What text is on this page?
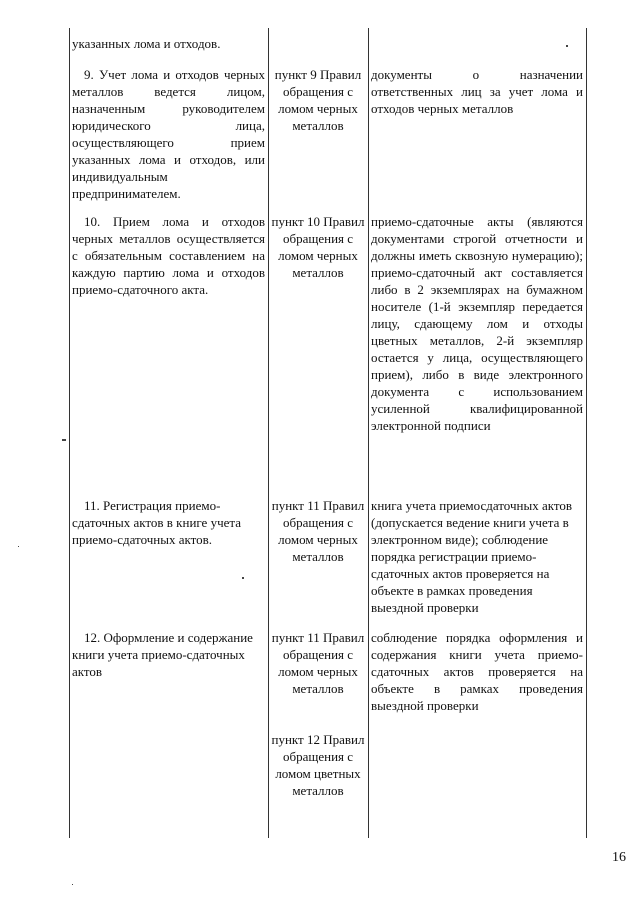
указанных лома и отходов.
9. Учет лома и отходов черных металлов ведется лицом, назначенным руководителем юридического лица, осуществляющего прием указанных лома и отходов, или индивидуальным предпринимателем.
пункт 9 Правил обращения с ломом черных металлов
документы о назначении ответственных лиц за учет лома и отходов черных металлов
10. Прием лома и отходов черных металлов осуществляется с обязательным составлением на каждую партию лома и отходов приемо-сдаточного акта.
пункт 10 Правил обращения с ломом черных металлов
приемо-сдаточные акты (являются документами строгой отчетности и должны иметь сквозную нумерацию); приемо-сдаточный акт составляется либо в 2 экземплярах на бумажном носителе (1-й экземпляр передается лицу, сдающему лом и отходы цветных металлов, 2-й экземпляр остается у лица, осуществляющего прием), либо в виде электронного документа с использованием усиленной квалифицированной электронной подписи
11. Регистрация приемо-сдаточных актов в книге учета приемо-сдаточных актов.
пункт 11 Правил обращения с ломом черных металлов
книга учета приемосдаточных актов (допускается ведение книги учета в электронном виде); соблюдение порядка регистрации приемо-сдаточных актов проверяется на объекте в рамках проведения выездной проверки
12. Оформление и содержание книги учета приемо-сдаточных актов
пункт 11 Правил обращения с ломом черных металлов
пункт 12 Правил обращения с ломом цветных металлов
соблюдение порядка оформления и содержания книги учета приемо-сдаточных актов проверяется на объекте в рамках проведения выездной проверки
16
